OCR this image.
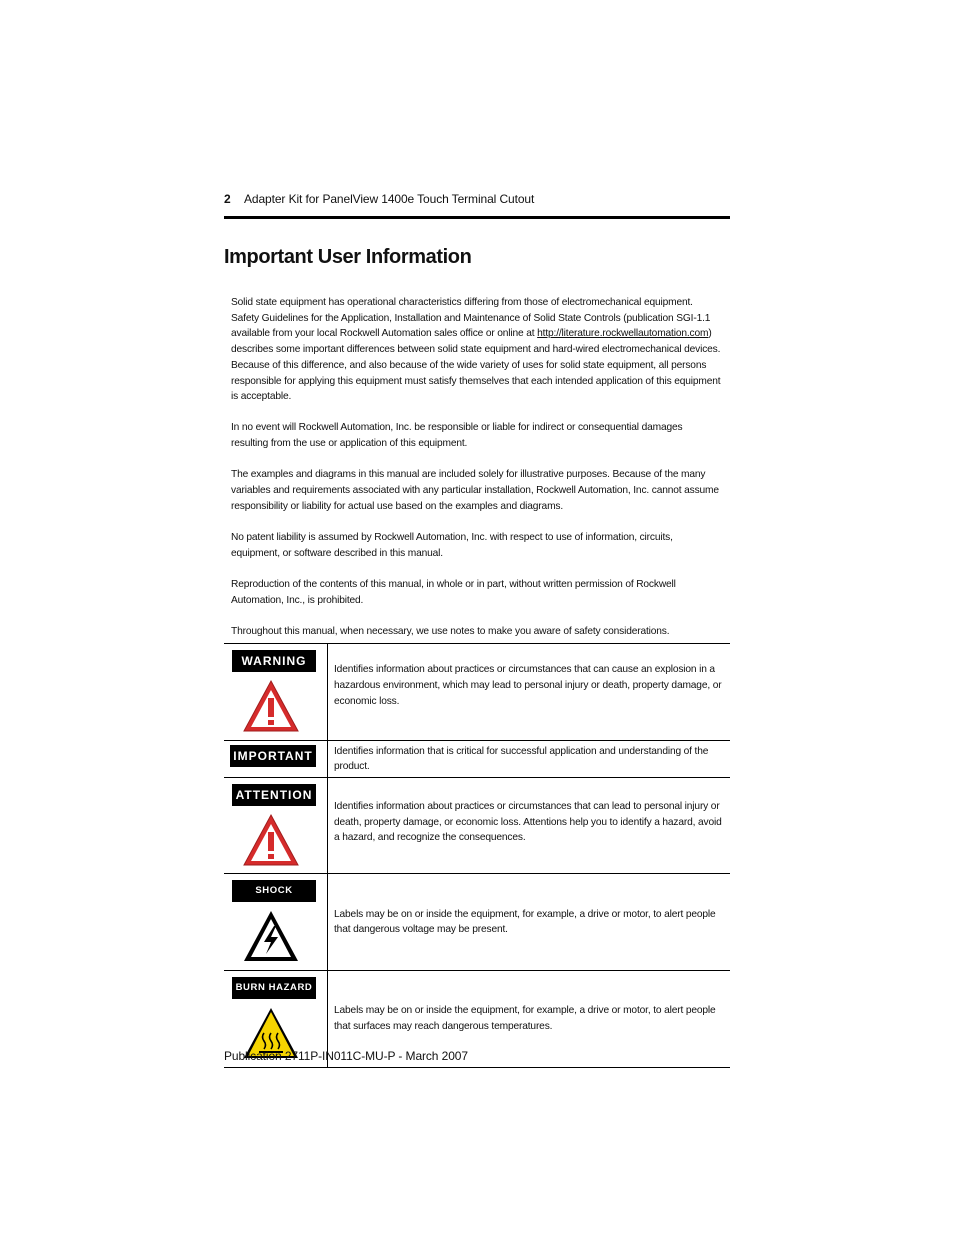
2 Adapter Kit for PanelView 1400e Touch Terminal Cutout
Important User Information

Solid state equipment has operational characteristics differing from those of electromechanical equipment. Safety Guidelines for the Application, Installation and Maintenance of Solid State Controls (publication SGI-1.1 available from your local Rockwell Automation sales office or online at http://literature.rockwellautomation.com) describes some important differences between solid state equipment and hard-wired electromechanical devices. Because of this difference, and also because of the wide variety of uses for solid state equipment, all persons responsible for applying this equipment must satisfy themselves that each intended application of this equipment is acceptable.

In no event will Rockwell Automation, Inc. be responsible or liable for indirect or consequential damages resulting from the use or application of this equipment.

The examples and diagrams in this manual are included solely for illustrative purposes. Because of the many variables and requirements associated with any particular installation, Rockwell Automation, Inc. cannot assume responsibility or liability for actual use based on the examples and diagrams.

No patent liability is assumed by Rockwell Automation, Inc. with respect to use of information, circuits, equipment, or software described in this manual.

Reproduction of the contents of this manual, in whole or in part, without written permission of Rockwell Automation, Inc., is prohibited.

Throughout this manual, when necessary, we use notes to make you aware of safety considerations.

WARNING	Identifies information about practices or circumstances that can cause an explosion in a hazardous environment, which may lead to personal injury or death, property damage, or economic loss.

IMPORTANT	Identifies information that is critical for successful application and understanding of the product.

ATTENTION	Identifies information about practices or circumstances that can lead to personal injury or death, property damage, or economic loss. Attentions help you to identify a hazard, avoid a hazard, and recognize the consequences.

SHOCK HAZARD	Labels may be on or inside the equipment, for example, a drive or motor, to alert people that dangerous voltage may be present.

BURN HAZARD	Labels may be on or inside the equipment, for example, a drive or motor, to alert people that surfaces may reach dangerous temperatures.
Publication 2711P-IN011C-MU-P - March 2007
